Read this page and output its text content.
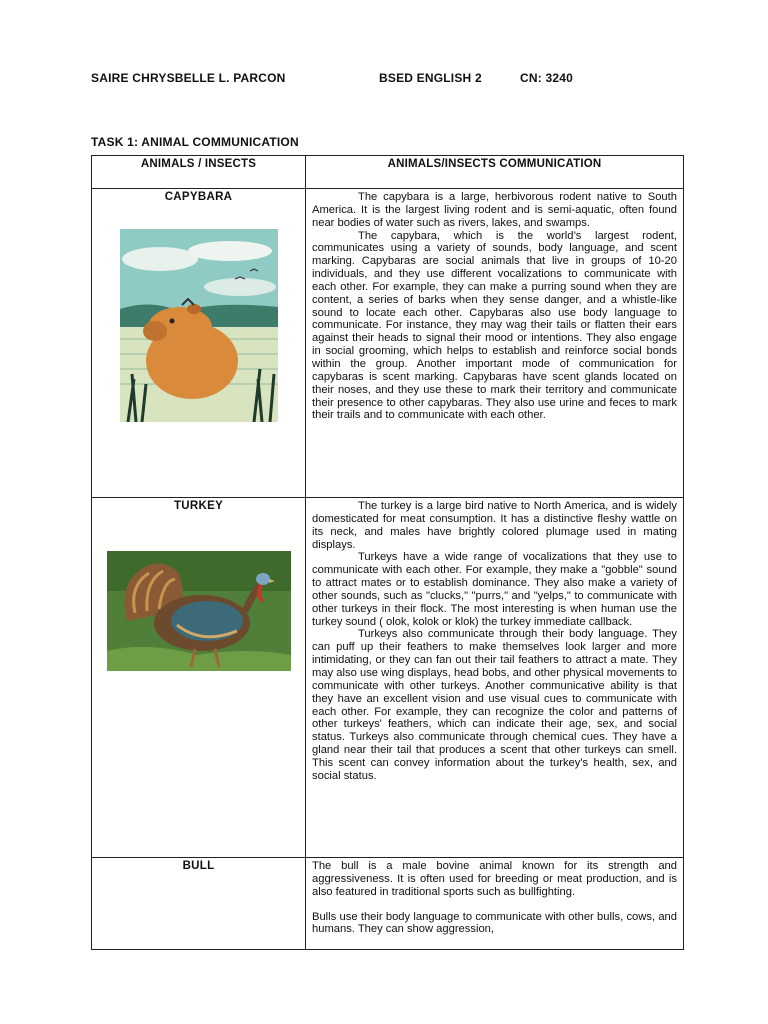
SAIRE CHRYSBELLE L. PARCON	BSED ENGLISH 2	CN: 3240
TASK 1: ANIMAL COMMUNICATION
ANIMALS / INSECTS	ANIMALS/INSECTS COMMUNICATION

CAPYBARA	The capybara is a large, herbivorous rodent native to South America. It is the largest living rodent and is semi-aquatic, often found near bodies of water such as rivers, lakes, and swamps.

The capybara, which is the world’s largest rodent, communicates using a variety of sounds, body language, and scent marking. Capybaras are social animals that live in groups of 10-20 individuals, and they use different vocalizations to communicate with each other. For example, they can make a purring sound when they are content, a series of barks when they sense danger, and a whistle-like sound to locate each other. Capybaras also use body language to communicate. For instance, they may wag their tails or flatten their ears against their heads to signal their mood or intentions. They also engage in social grooming, which helps to establish and reinforce social bonds within the group. Another important mode of communication for capybaras is scent marking. Capybaras have scent glands located on their noses, and they use these to mark their territory and communicate their presence to other capybaras. They also use urine and feces to mark their trails and to communicate with each other.

TURKEY	The turkey is a large bird native to North America, and is widely domesticated for meat consumption. It has a distinctive fleshy wattle on its neck, and males have brightly colored plumage used in mating displays.

Turkeys have a wide range of vocalizations that they use to communicate with each other. For example, they make a "gobble" sound to attract mates or to establish dominance. They also make a variety of other sounds, such as "clucks," "purrs," and "yelps," to communicate with other turkeys in their flock. The most interesting is when human use the turkey sound ( olok, kolok or klok) the turkey immediate callback.

Turkeys also communicate through their body language. They can puff up their feathers to make themselves look larger and more intimidating, or they can fan out their tail feathers to attract a mate. They may also use wing displays, head bobs, and other physical movements to communicate with other turkeys. Another communicative ability is that they have an excellent vision and use visual cues to communicate with each other. For example, they can recognize the color and patterns of other turkeys' feathers, which can indicate their age, sex, and social status. Turkeys also communicate through chemical cues. They have a gland near their tail that produces a scent that other turkeys can smell. This scent can convey information about the turkey's health, sex, and social status.

BULL	The bull is a male bovine animal known for its strength and aggressiveness. It is often used for breeding or meat production, and is also featured in traditional sports such as bullfighting.

Bulls use their body language to communicate with other bulls, cows, and humans. They can show aggression,
